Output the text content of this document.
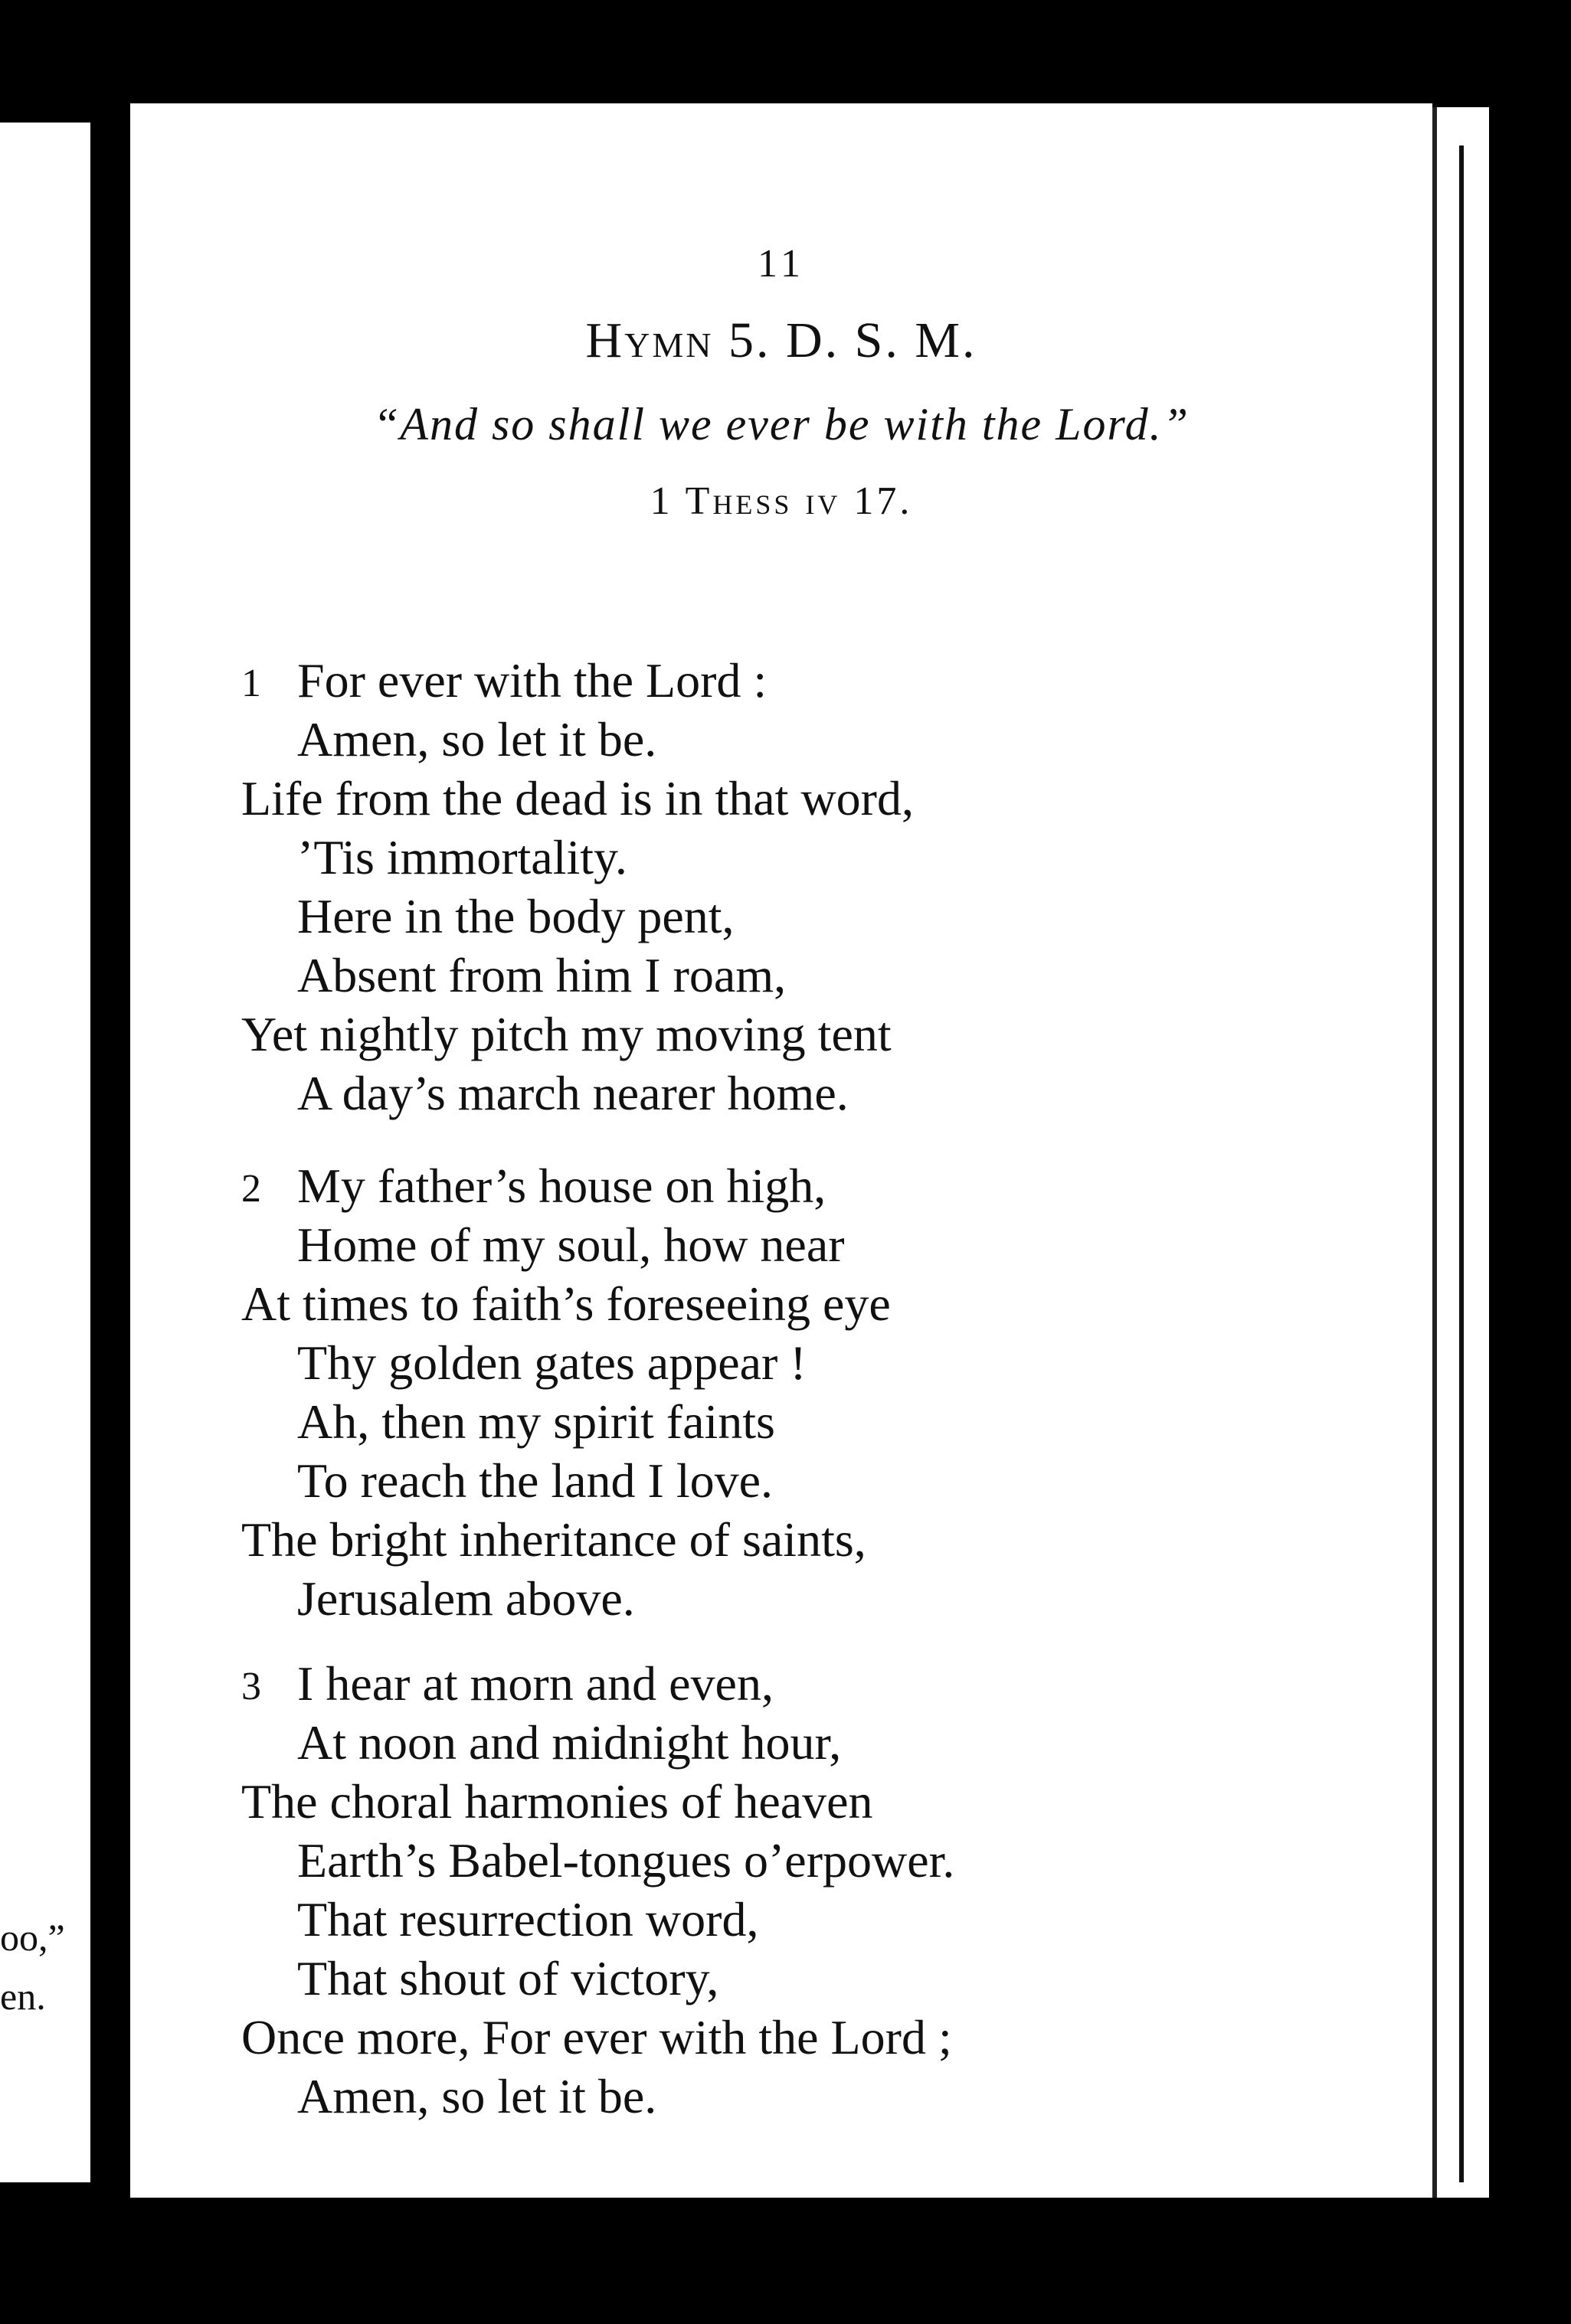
oo,”
en.
11
Hymn 5. D. S. M.
“And so shall we ever be with the Lord.”
1 Thess iv 17.
1 For ever with the Lord :
Amen, so let it be.
Life from the dead is in that word,
’Tis immortality.
Here in the body pent,
Absent from him I roam,
Yet nightly pitch my moving tent
A day’s march nearer home.
2 My father’s house on high,
Home of my soul, how near
At times to faith’s foreseeing eye
Thy golden gates appear !
Ah, then my spirit faints
To reach the land I love.
The bright inheritance of saints,
Jerusalem above.
3 I hear at morn and even,
At noon and midnight hour,
The choral harmonies of heaven
Earth’s Babel-tongues o’erpower.
That resurrection word,
That shout of victory,
Once more, For ever with the Lord ;
Amen, so let it be.
